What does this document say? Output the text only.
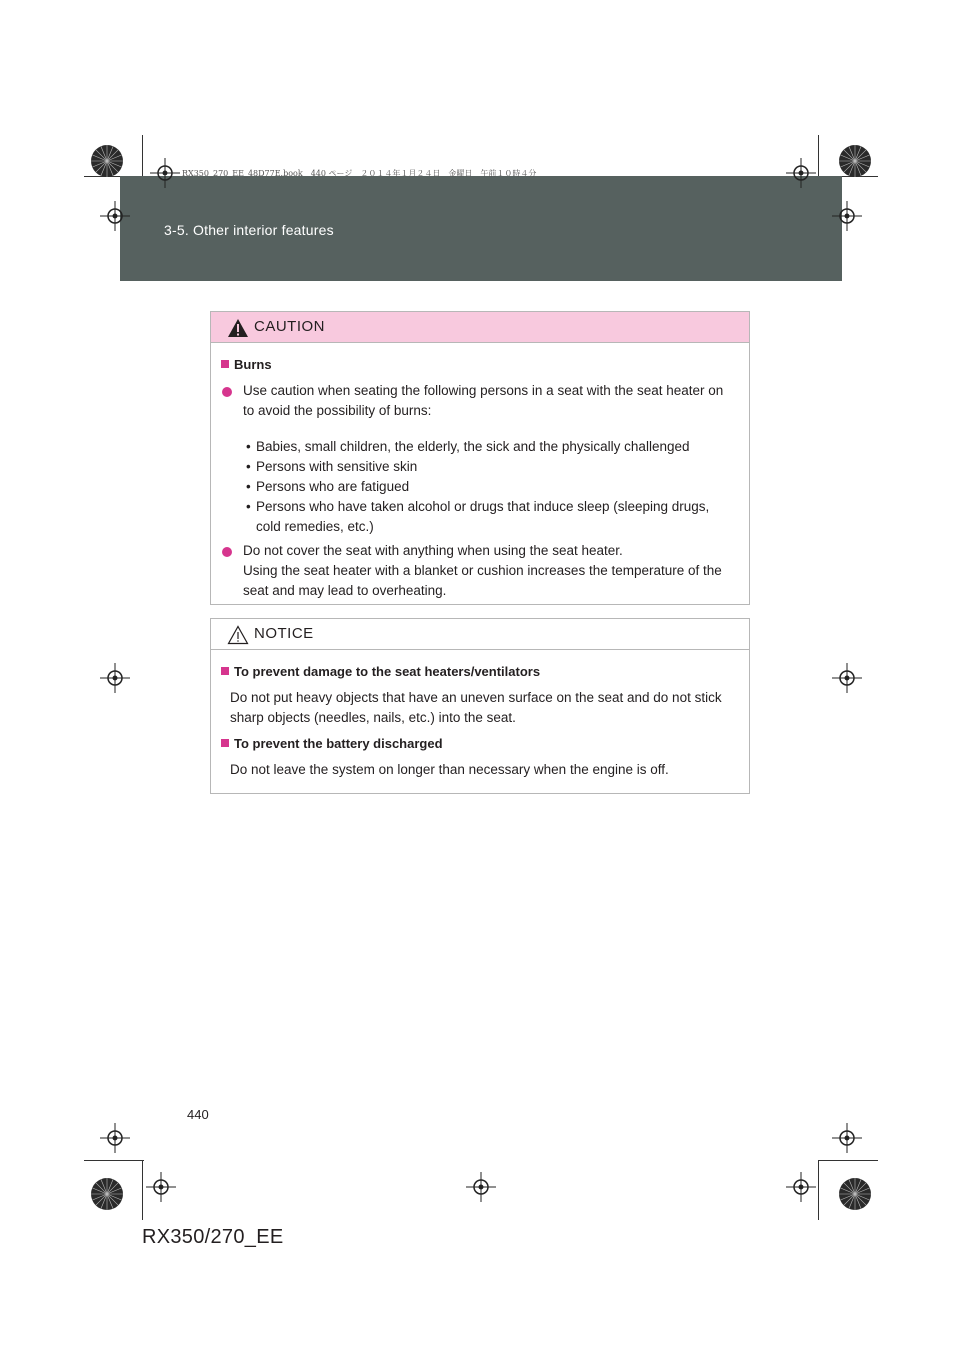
3-5. Other interior features
RX350_270_EE_48D77E.book　440 ページ　２０１４年１月２４日　金曜日　午前１０時４分
CAUTION
Burns
Use caution when seating the following persons in a seat with the seat heater on
to avoid the possibility of burns:
• Babies, small children, the elderly, the sick and the physically challenged
• Persons with sensitive skin
• Persons who are fatigued
• Persons who have taken alcohol or drugs that induce sleep (sleeping drugs,
cold remedies, etc.)
Do not cover the seat with anything when using the seat heater.
Using the seat heater with a blanket or cushion increases the temperature of the
seat and may lead to overheating.
NOTICE
To prevent damage to the seat heaters/ventilators
Do not put heavy objects that have an uneven surface on the seat and do not stick
sharp objects (needles, nails, etc.) into the seat.
To prevent the battery discharged
Do not leave the system on longer than necessary when the engine is off.
440
RX350/270_EE
